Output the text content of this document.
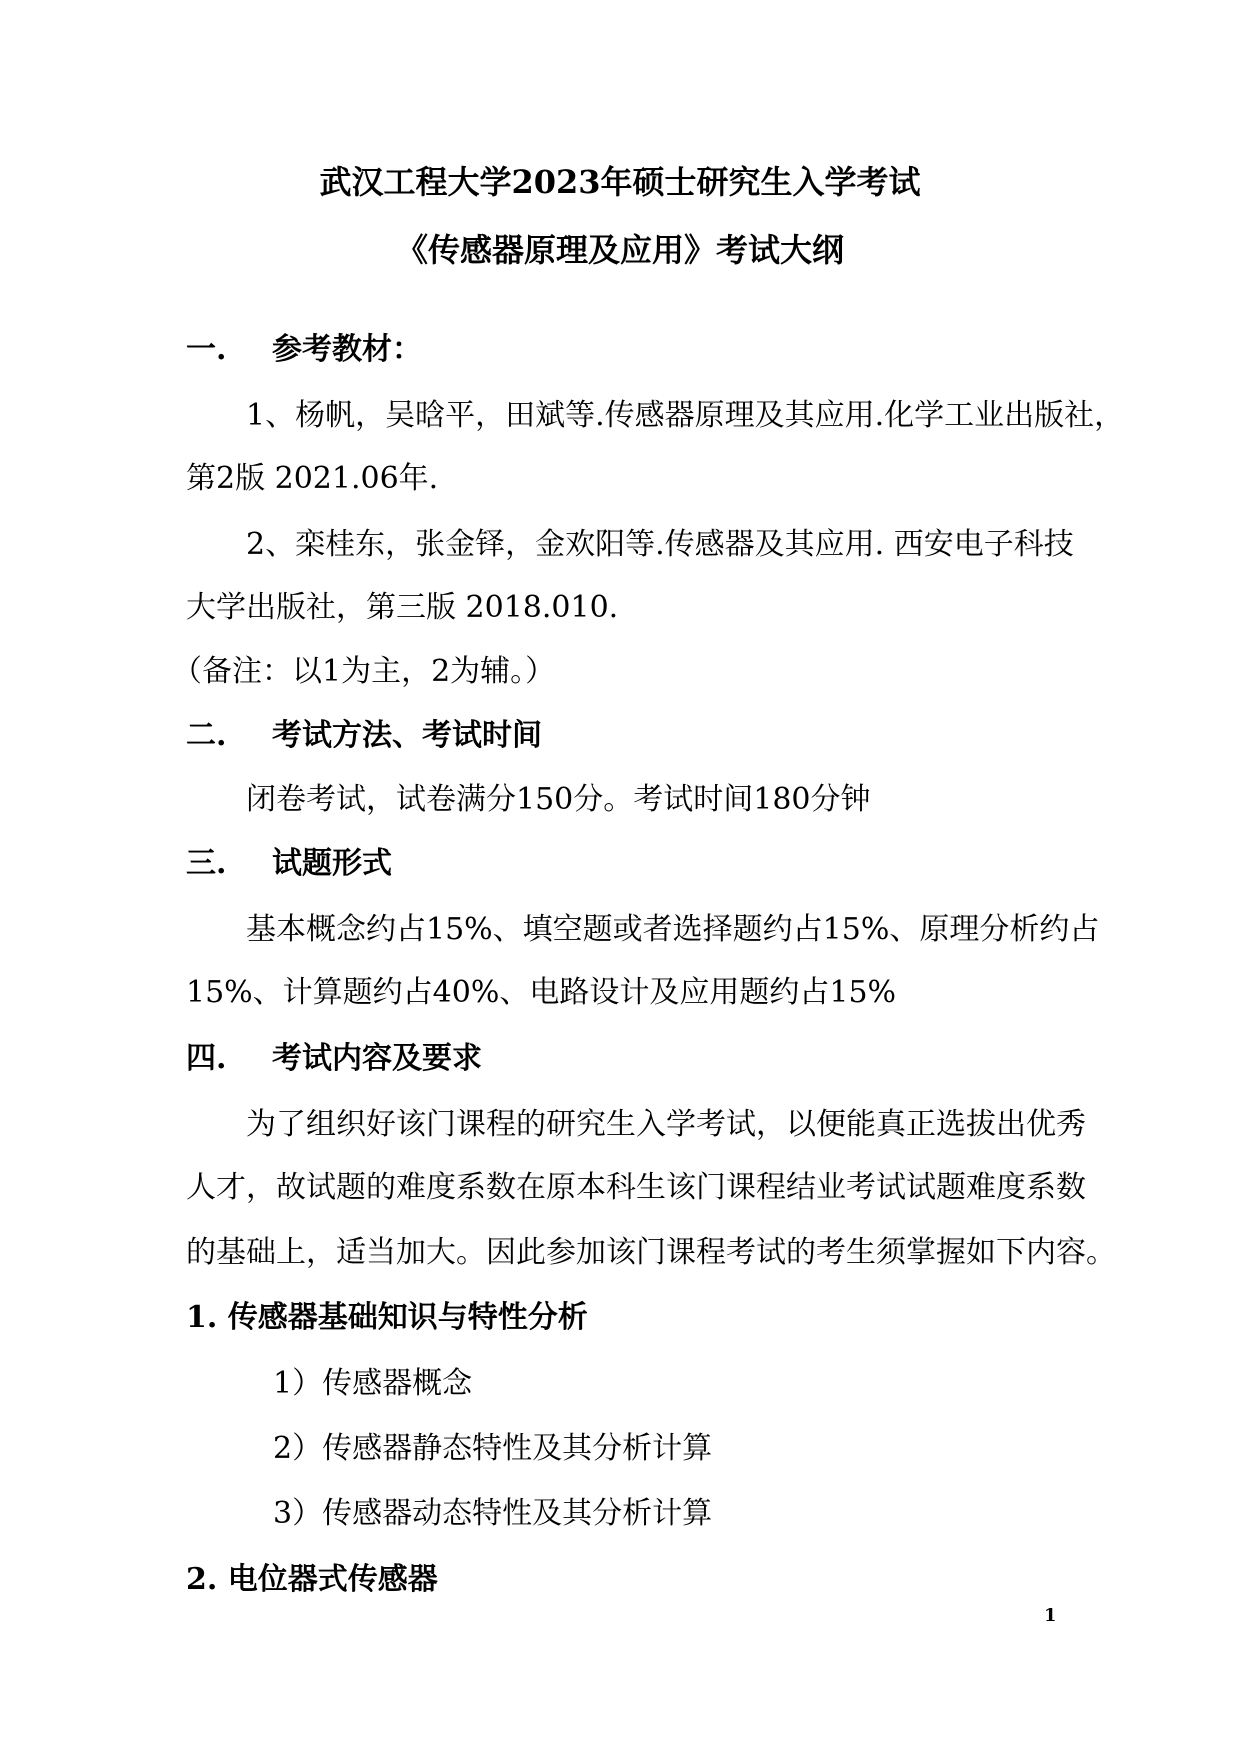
武汉工程大学2023年硕士研究生入学考试
《传感器原理及应用》考试大纲
一. 参考教材：
1、杨帆，吴晗平，田斌等.传感器原理及其应用.化学工业出版社，
第2版 2021.06年.
2、栾桂东，张金铎，金欢阳等.传感器及其应用. 西安电子科技
大学出版社，第三版 2018.010.
（备注：以1为主，2为辅。）
二. 考试方法、考试时间
闭卷考试，试卷满分150分。考试时间180分钟
三. 试题形式
基本概念约占15%、填空题或者选择题约占15%、原理分析约占
15%、计算题约占40%、电路设计及应用题约占15%
四. 考试内容及要求
为了组织好该门课程的研究生入学考试，以便能真正选拔出优秀
人才，故试题的难度系数在原本科生该门课程结业考试试题难度系数
的基础上，适当加大。因此参加该门课程考试的考生须掌握如下内容。
1. 传感器基础知识与特性分析
1）传感器概念
2）传感器静态特性及其分析计算
3）传感器动态特性及其分析计算
2. 电位器式传感器
1
